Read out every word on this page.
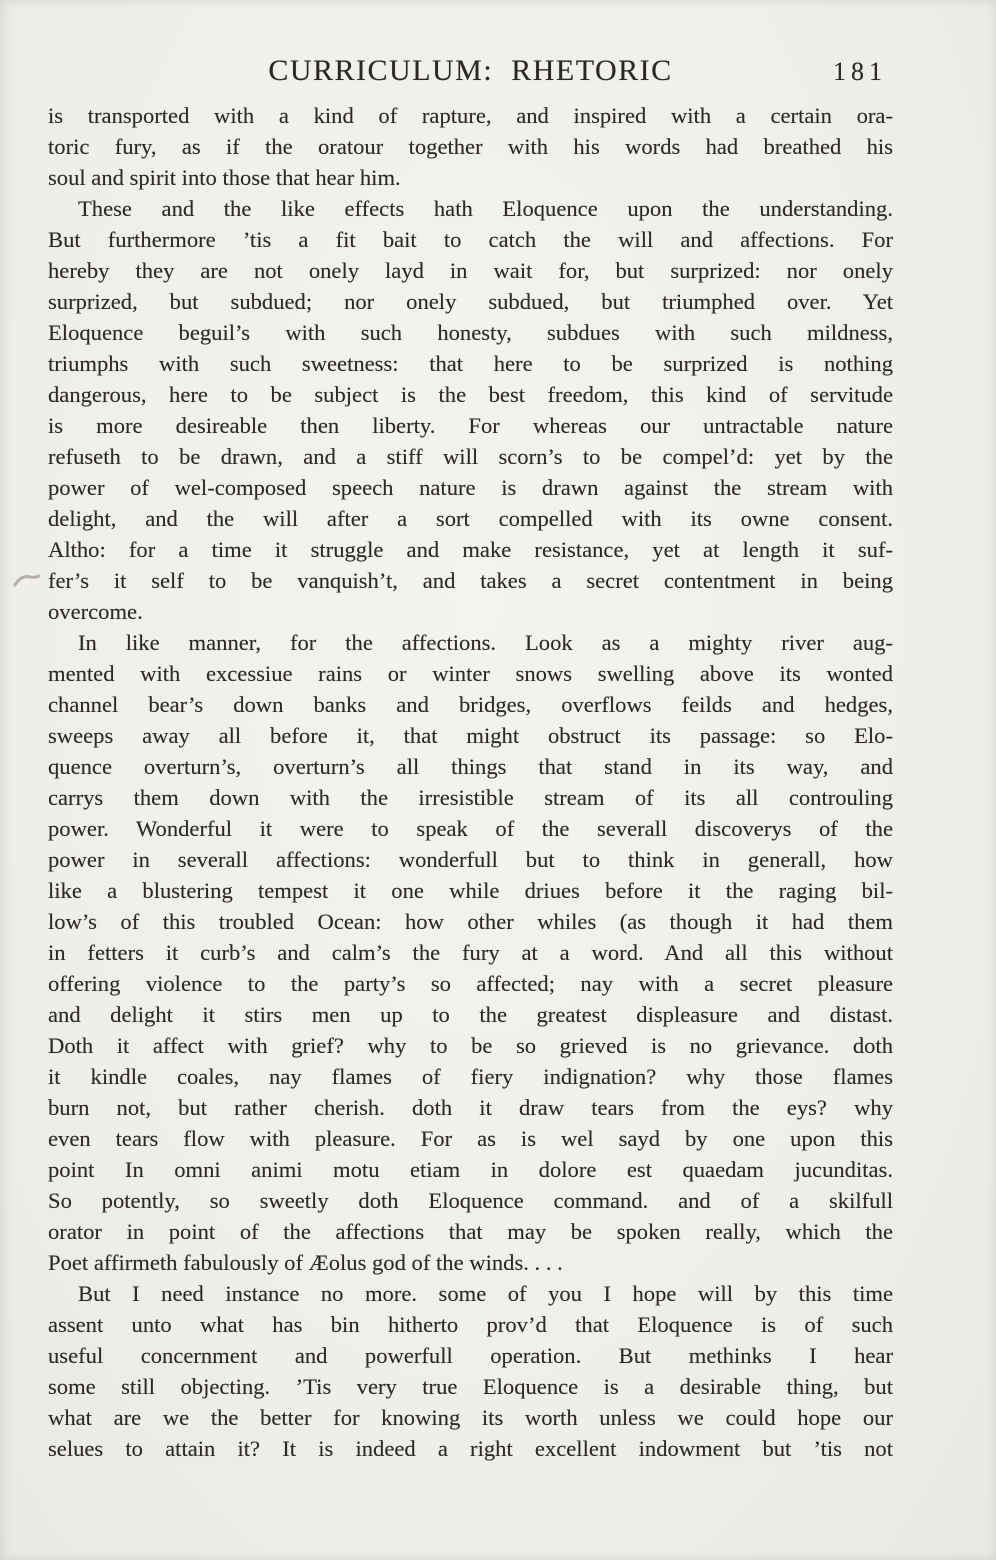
CURRICULUM: RHETORIC	181
is transported with a kind of rapture, and inspired with a certain ora-
toric fury, as if the oratour together with his words had breathed his
soul and spirit into those that hear him.
These and the like effects hath Eloquence upon the understanding.
But furthermore ’tis a fit bait to catch the will and affections. For
hereby they are not onely layd in wait for, but surprized: nor onely
surprized, but subdued; nor onely subdued, but triumphed over. Yet
Eloquence beguil’s with such honesty, subdues with such mildness,
triumphs with such sweetness: that here to be surprized is nothing
dangerous, here to be subject is the best freedom, this kind of servitude
is more desireable then liberty. For whereas our untractable nature
refuseth to be drawn, and a stiff will scorn’s to be compel’d: yet by the
power of wel-composed speech nature is drawn against the stream with
delight, and the will after a sort compelled with its owne consent.
Altho: for a time it struggle and make resistance, yet at length it suf-
fer’s it self to be vanquish’t, and takes a secret contentment in being
overcome.
In like manner, for the affections. Look as a mighty river aug-
mented with excessiue rains or winter snows swelling above its wonted
channel bear’s down banks and bridges, overflows feilds and hedges,
sweeps away all before it, that might obstruct its passage: so Elo-
quence overturn’s, overturn’s all things that stand in its way, and
carrys them down with the irresistible stream of its all controuling
power. Wonderful it were to speak of the severall discoverys of the
power in severall affections: wonderfull but to think in generall, how
like a blustering tempest it one while driues before it the raging bil-
low’s of this troubled Ocean: how other whiles (as though it had them
in fetters it curb’s and calm’s the fury at a word. And all this without
offering violence to the party’s so affected; nay with a secret pleasure
and delight it stirs men up to the greatest displeasure and distast.
Doth it affect with grief? why to be so grieved is no grievance. doth
it kindle coales, nay flames of fiery indignation? why those flames
burn not, but rather cherish. doth it draw tears from the eys? why
even tears flow with pleasure. For as is wel sayd by one upon this
point In omni animi motu etiam in dolore est quaedam jucunditas.
So potently, so sweetly doth Eloquence command. and of a skilfull
orator in point of the affections that may be spoken really, which the
Poet affirmeth fabulously of Æolus god of the winds. . . .
But I need instance no more. some of you I hope will by this time
assent unto what has bin hitherto prov’d that Eloquence is of such
useful concernment and powerfull operation. But methinks I hear
some still objecting. ’Tis very true Eloquence is a desirable thing, but
what are we the better for knowing its worth unless we could hope our
selues to attain it? It is indeed a right excellent indowment but ’tis not
